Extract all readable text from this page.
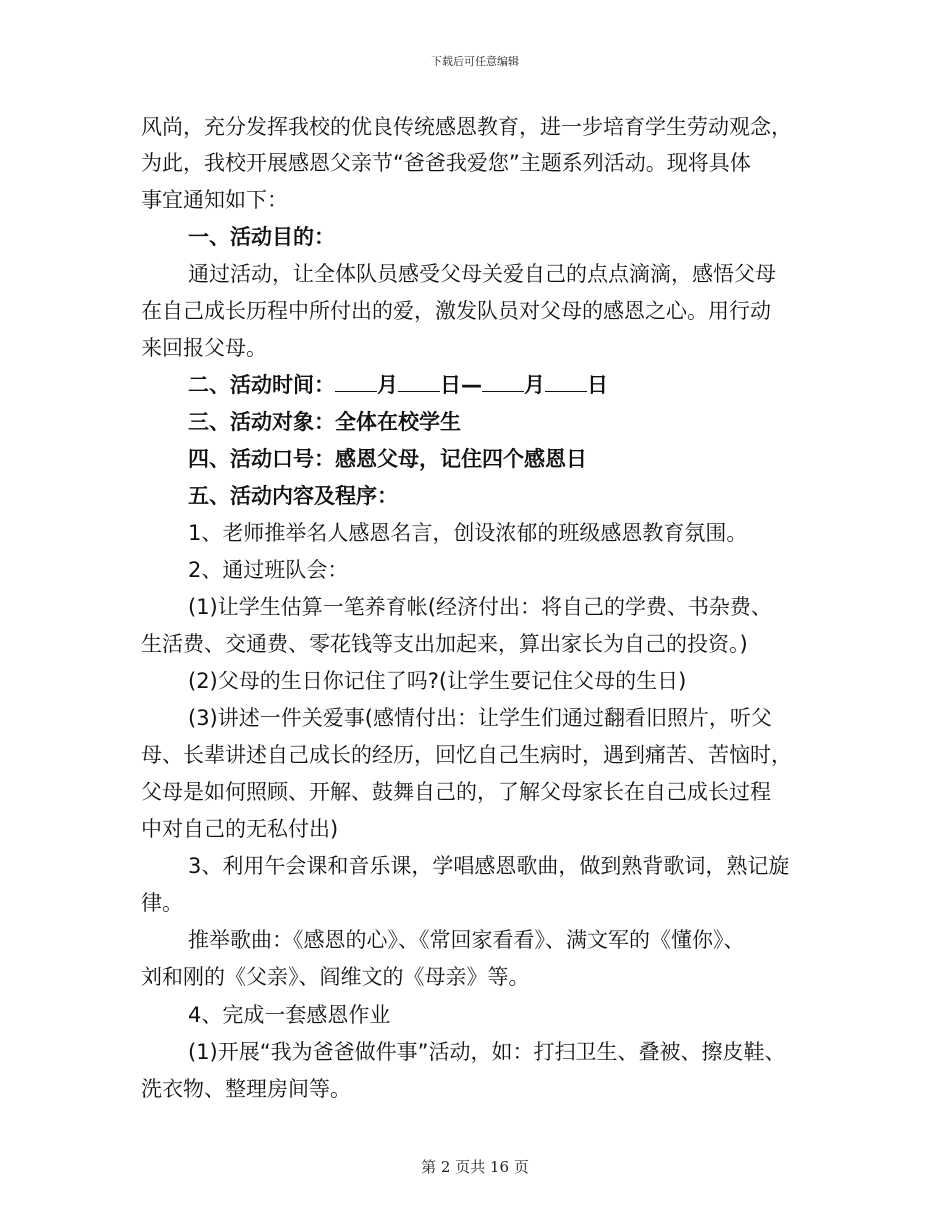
下载后可任意编辑
风尚，充分发挥我校的优良传统感恩教育，进一步培育学生劳动观念，
为此，我校开展感恩父亲节“爸爸我爱您”主题系列活动。现将具体
事宜通知如下：
一、活动目的：
通过活动，让全体队员感受父母关爱自己的点点滴滴，感悟父母
在自己成长历程中所付出的爱，激发队员对父母的感恩之心。用行动
来回报父母。
二、活动时间： 月 日— 月 日
三、活动对象：全体在校学生
四、活动口号：感恩父母，记住四个感恩日
五、活动内容及程序：
1、老师推举名人感恩名言，创设浓郁的班级感恩教育氛围。
2、通过班队会：
(1)让学生估算一笔养育帐(经济付出：将自己的学费、书杂费、
生活费、交通费、零花钱等支出加起来，算出家长为自己的投资。)
(2)父母的生日你记住了吗?(让学生要记住父母的生日)
(3)讲述一件关爱事(感情付出：让学生们通过翻看旧照片，听父
母、长辈讲述自己成长的经历，回忆自己生病时，遇到痛苦、苦恼时，
父母是如何照顾、开解、鼓舞自己的，了解父母家长在自己成长过程
中对自己的无私付出)
3、利用午会课和音乐课，学唱感恩歌曲，做到熟背歌词，熟记旋
律。
推举歌曲：《感恩的心》、《常回家看看》、满文军的《懂你》、
刘和刚的《父亲》、阎维文的《母亲》等。
4、完成一套感恩作业
(1)开展“我为爸爸做件事”活动，如：打扫卫生、叠被、擦皮鞋、
洗衣物、整理房间等。
第 2 页共 16 页
